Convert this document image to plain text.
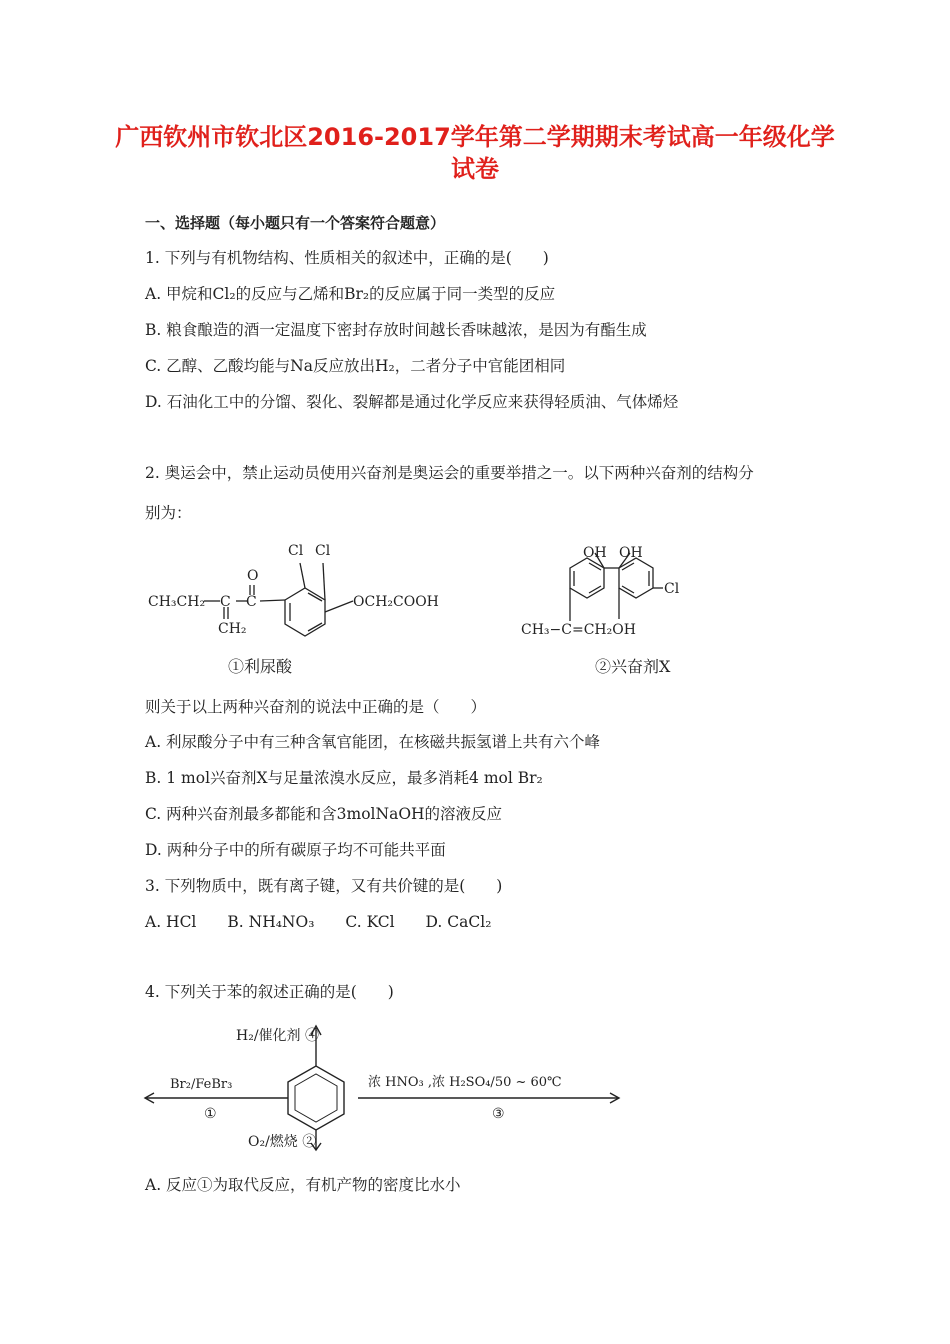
广西钦州市钦北区2016-2017学年第二学期期末考试高一年级化学
试卷
一、选择题（每小题只有一个答案符合题意）
1. 下列与有机物结构、性质相关的叙述中，正确的是(　　)
A. 甲烷和Cl₂的反应与乙烯和Br₂的反应属于同一类型的反应
B. 粮食酿造的酒一定温度下密封存放时间越长香味越浓，是因为有酯生成
C. 乙醇、乙酸均能与Na反应放出H₂，二者分子中官能团相同
D. 石油化工中的分馏、裂化、裂解都是通过化学反应来获得轻质油、气体烯烃
2. 奥运会中，禁止运动员使用兴奋剂是奥运会的重要举措之一。以下两种兴奋剂的结构分
别为：
CH₃CH₂ C C
O
CH₂
Cl Cl
OCH₂COOH
①利尿酸
OH OH
Cl
CH₃−C=CH₂OH
②兴奋剂X
则关于以上两种兴奋剂的说法中正确的是（　　）
A. 利尿酸分子中有三种含氧官能团，在核磁共振氢谱上共有六个峰
B. 1 mol兴奋剂X与足量浓溴水反应，最多消耗4 mol Br₂
C. 两种兴奋剂最多都能和含3molNaOH的溶液反应
D. 两种分子中的所有碳原子均不可能共平面
3. 下列物质中，既有离子键，又有共价键的是(　　)
A. HCl　　B. NH₄NO₃　　C. KCl　　D. CaCl₂
4. 下列关于苯的叙述正确的是(　　)
H₂/催化剂 ④
Br₂/FeBr₃
①
浓 HNO₃ ,浓 H₂SO₄/50 ~ 60℃
③
O₂/燃烧 ②
A. 反应①为取代反应，有机产物的密度比水小
